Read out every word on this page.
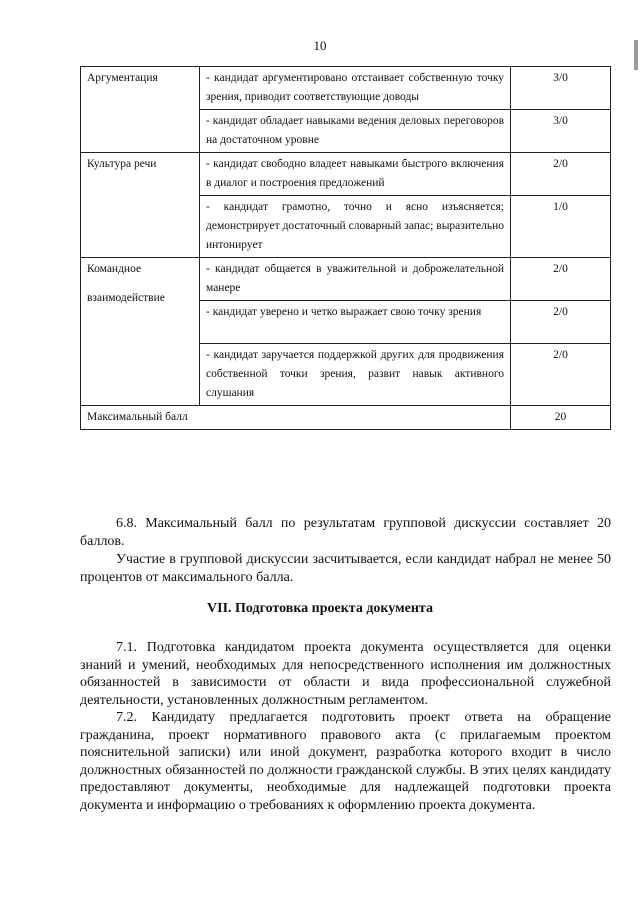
10
Аргументация	- кандидат аргументировано отстаивает собственную точку зрения, приводит соответствующие доводы	3/0

	- кандидат обладает навыками ведения деловых переговоров на достаточном уровне	3/0

Культура речи	- кандидат свободно владеет навыками быстрого включения в диалог и построения предложений	2/0

	- кандидат грамотно, точно и ясно изъясняется; демонстрирует достаточный словарный запас; выразительно интонирует	1/0

Командное
взаимодействие	- кандидат общается в уважительной и доброжелательной манере	2/0

	- кандидат уверено и четко выражает свою точку зрения	2/0

	- кандидат заручается поддержкой других для продвижения собственной точки зрения, развит навык активного слушания	2/0
Максимальный балл		20

6.8. Максимальный балл по результатам групповой дискуссии составляет 20 баллов.

Участие в групповой дискуссии засчитывается, если кандидат набрал не менее 50 процентов от максимального балла.

VII. Подготовка проекта документа

7.1. Подготовка кандидатом проекта документа осуществляется для оценки знаний и умений, необходимых для непосредственного исполнения им должностных обязанностей в зависимости от области и вида профессиональной служебной деятельности, установленных должностным регламентом.

7.2. Кандидату предлагается подготовить проект ответа на обращение гражданина, проект нормативного правового акта (с прилагаемым проектом пояснительной записки) или иной документ, разработка которого входит в число должностных обязанностей по должности гражданской службы. В этих целях кандидату предоставляют документы, необходимые для надлежащей подготовки проекта документа и информацию о требованиях к оформлению проекта документа.
